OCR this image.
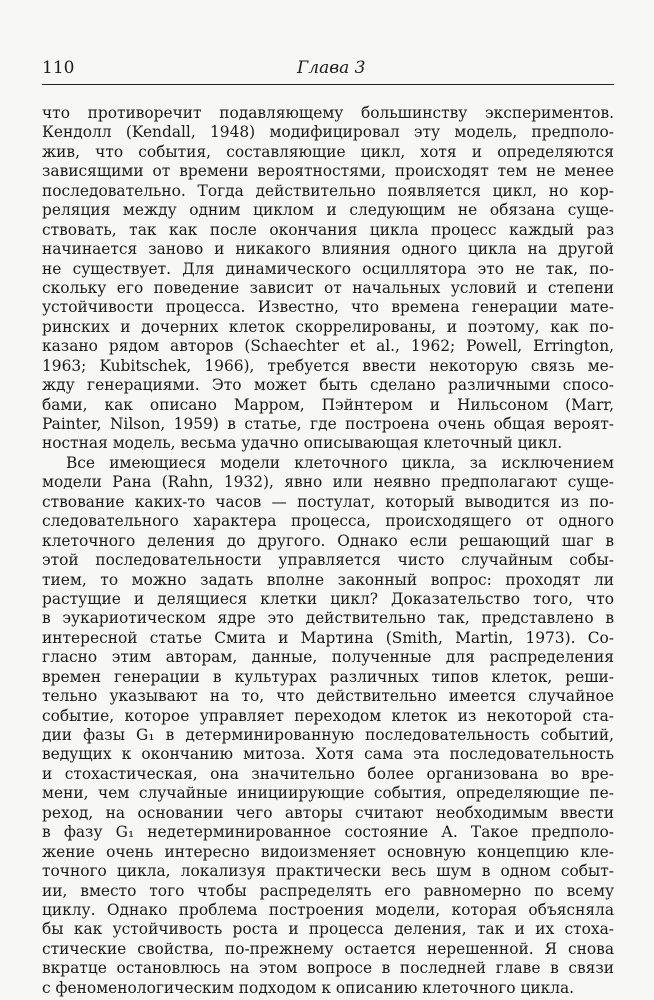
110	Глава 3
что противоречит подавляющему большинству экспериментов.
Кендолл (Kendall, 1948) модифицировал эту модель, предполо-
жив, что события, составляющие цикл, хотя и определяются
зависящими от времени вероятностями, происходят тем не менее
последовательно. Тогда действительно появляется цикл, но кор-
реляция между одним циклом и следующим не обязана суще-
ствовать, так как после окончания цикла процесс каждый раз
начинается заново и никакого влияния одного цикла на другой
не существует. Для динамического осциллятора это не так, по-
скольку его поведение зависит от начальных условий и степени
устойчивости процесса. Известно, что времена генерации мате-
ринских и дочерних клеток скоррелированы, и поэтому, как по-
казано рядом авторов (Schaechter et al., 1962; Powell, Errington,
1963; Kubitschek, 1966), требуется ввести некоторую связь ме-
жду генерациями. Это может быть сделано различными спосо-
бами, как описано Марром, Пэйнтером и Нильсоном (Marr,
Painter, Nilson, 1959) в статье, где построена очень общая вероят-
ностная модель, весьма удачно описывающая клеточный цикл.
Все имеющиеся модели клеточного цикла, за исключением
модели Рана (Rahn, 1932), явно или неявно предполагают суще-
ствование каких-то часов — постулат, который выводится из по-
следовательного характера процесса, происходящего от одного
клеточного деления до другого. Однако если решающий шаг в
этой последовательности управляется чисто случайным собы-
тием, то можно задать вполне законный вопрос: проходят ли
растущие и делящиеся клетки цикл? Доказательство того, что
в эукариотическом ядре это действительно так, представлено в
интересной статье Смита и Мартина (Smith, Martin, 1973). Со-
гласно этим авторам, данные, полученные для распределения
времен генерации в культурах различных типов клеток, реши-
тельно указывают на то, что действительно имеется случайное
событие, которое управляет переходом клеток из некоторой ста-
дии фазы G₁ в детерминированную последовательность событий,
ведущих к окончанию митоза. Хотя сама эта последовательность
и стохастическая, она значительно более организована во вре-
мени, чем случайные инициирующие события, определяющие пе-
реход, на основании чего авторы считают необходимым ввести
в фазу G₁ недетерминированное состояние А. Такое предполо-
жение очень интересно видоизменяет основную концепцию кле-
точного цикла, локализуя практически весь шум в одном событ-
ии, вместо того чтобы распределять его равномерно по всему
циклу. Однако проблема построения модели, которая объясняла
бы как устойчивость роста и процесса деления, так и их стоха-
стические свойства, по-прежнему остается нерешенной. Я снова
вкратце остановлюсь на этом вопросе в последней главе в связи
с феноменологическим подходом к описанию клеточного цикла.
